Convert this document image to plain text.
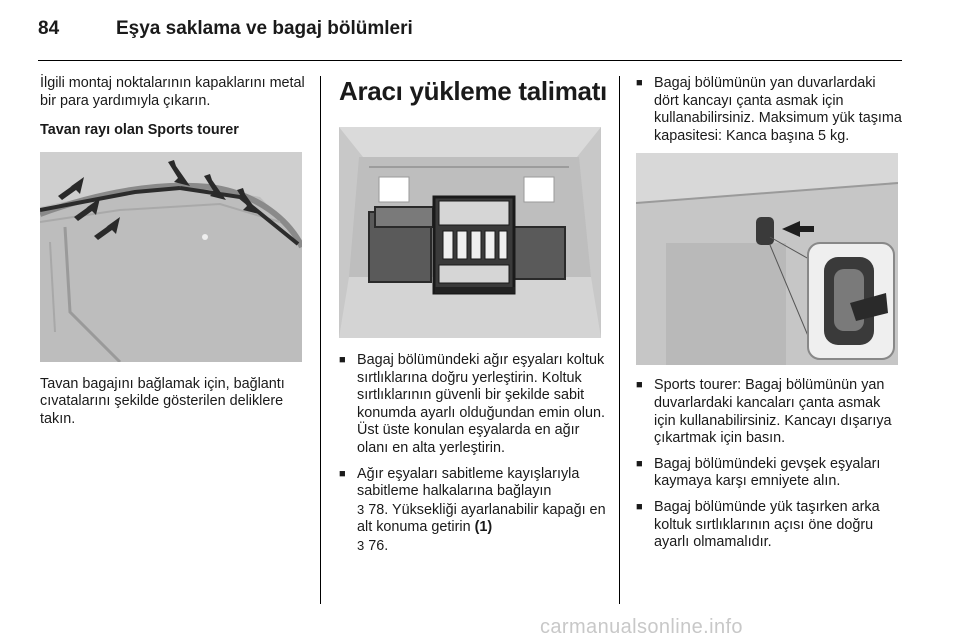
84	Eşya saklama ve bagaj bölümleri

İlgili montaj noktalarının kapaklarını metal bir para yardımıyla çıkarın.

Tavan rayı olan Sports tourer

Tavan bagajını bağlamak için, bağlantı cıvatalarını şekilde gösterilen deliklere takın.

Aracı yükleme talimatı
■ Bagaj bölümündeki ağır eşyaları koltuk sırtlıklarına doğru yerleştirin. Koltuk sırtlıklarının güvenli bir şekilde sabit konumda ayarlı olduğundan emin olun. Üst üste konulan eşyalarda en ağır olanı en alta yerleştirin.
■ Ağır eşyaları sabitleme kayışlarıyla sabitleme halkalarına bağlayın
3 78. Yüksekliği ayarlanabilir kapağı en alt konuma getirin (1)
3 76.
■ Bagaj bölümünün yan duvarlardaki dört kancayı çanta asmak için kullanabilirsiniz. Maksimum yük taşıma kapasitesi: Kanca başına 5 kg.
■ Sports tourer: Bagaj bölümünün yan duvarlardaki kancaları çanta asmak için kullanabilirsiniz. Kancayı dışarıya çıkartmak için basın.
■ Bagaj bölümündeki gevşek eşyaları kaymaya karşı emniyete alın.
■ Bagaj bölümünde yük taşırken arka koltuk sırtlıklarının açısı öne doğru ayarlı olmamalıdır.
carmanualsonline.info
